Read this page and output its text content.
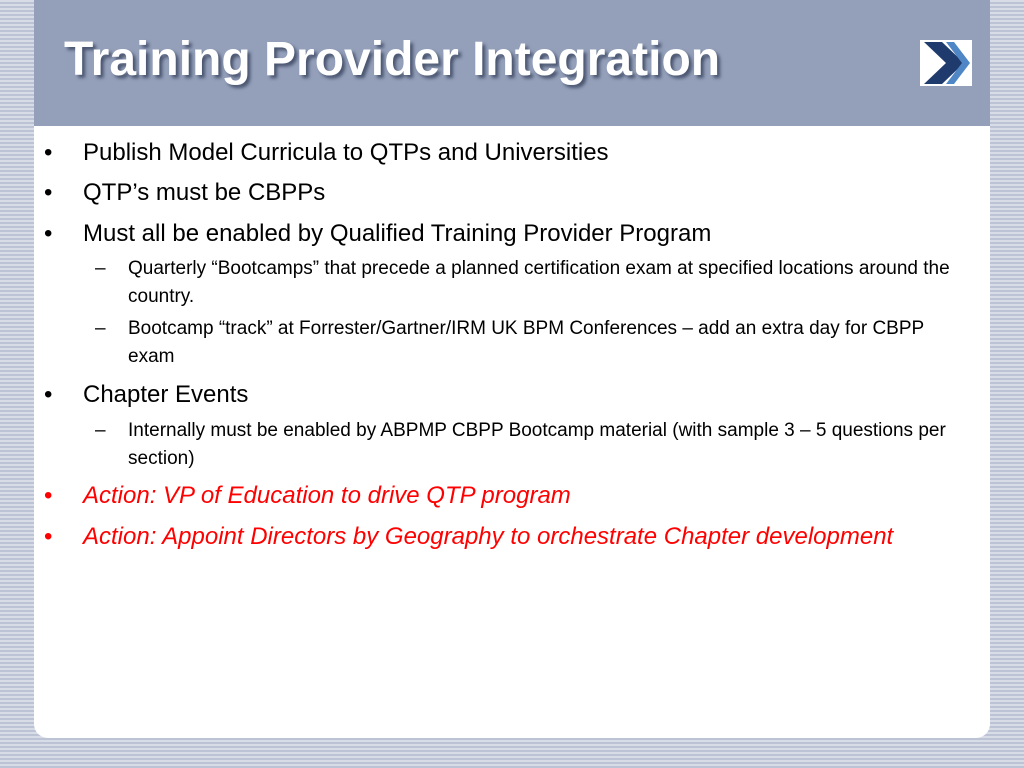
Training Provider Integration
• Publish Model Curricula to QTPs and Universities
• QTP’s must be CBPPs
• Must all be enabled by Qualified Training Provider Program
– Quarterly “Bootcamps” that precede a planned certification exam at specified locations around the country.
– Bootcamp “track” at Forrester/Gartner/IRM UK BPM Conferences – add an extra day for CBPP exam
• Chapter Events
– Internally must be enabled by ABPMP CBPP Bootcamp material (with sample 3 – 5 questions per section)
• Action: VP of Education to drive QTP program
• Action: Appoint Directors by Geography to orchestrate Chapter development
